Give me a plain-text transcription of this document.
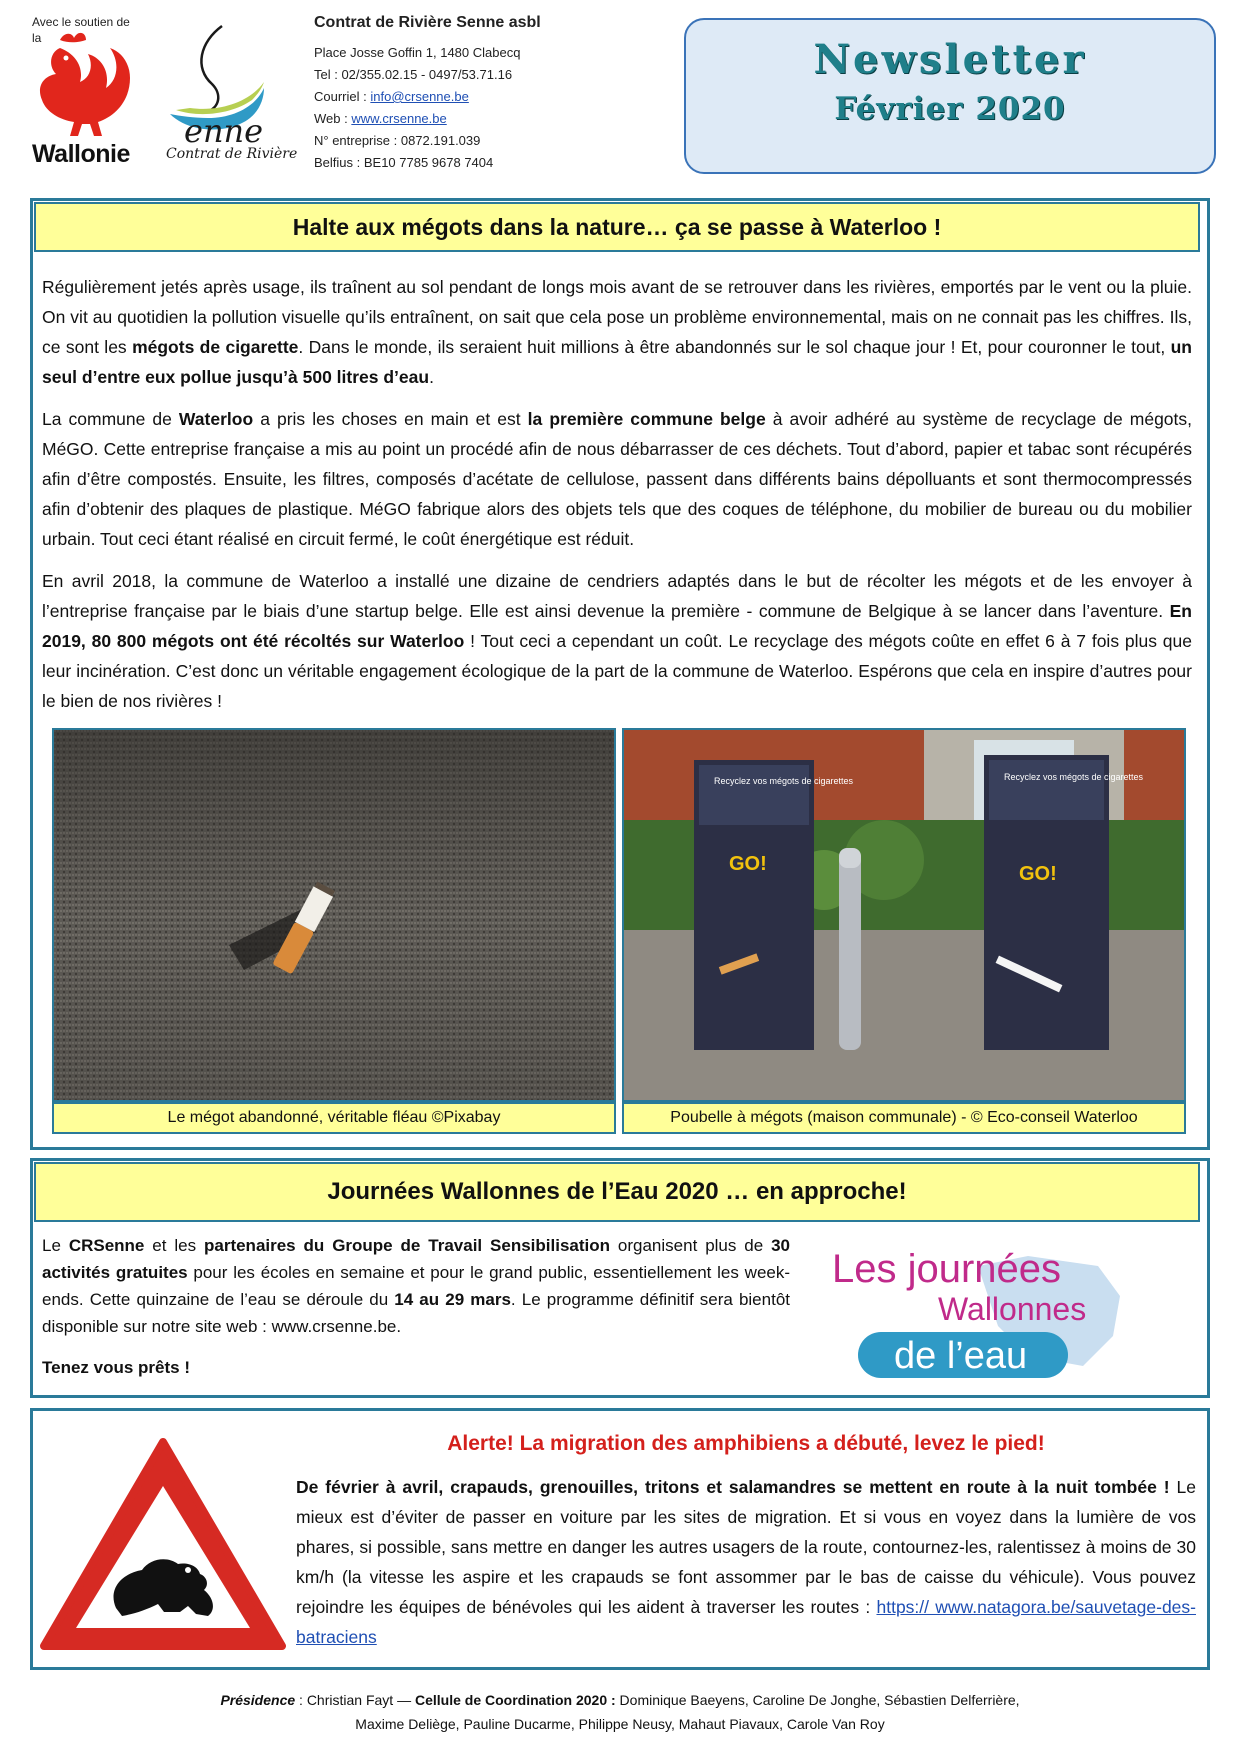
Avec le soutien de la
Wallonie
enne
Contrat de Rivière
Contrat de Rivière Senne asbl
Place Josse Goffin 1, 1480 Clabecq
Tel : 02/355.02.15 - 0497/53.71.16
Courriel : info@crsenne.be
Web : www.crsenne.be
N° entreprise : 0872.191.039
Belfius : BE10 7785 9678 7404
Newsletter
Février 2020
Halte aux mégots dans la nature… ça se passe à Waterloo !

Régulièrement jetés après usage, ils traînent au sol pendant de longs mois avant de se retrouver dans les rivières, emportés par le vent ou la pluie. On vit au quotidien la pollution visuelle qu’ils entraînent, on sait que cela pose un problème environnemental, mais on ne connait pas les chiffres. Ils, ce sont les mégots de cigarette. Dans le monde, ils seraient huit millions à être abandonnés sur le sol chaque jour ! Et, pour couronner le tout, un seul d’entre eux pollue jusqu’à 500 litres d’eau.

La commune de Waterloo a pris les choses en main et est la première commune belge à avoir adhéré au système de recyclage de mégots, MéGO. Cette entreprise française a mis au point un procédé afin de nous débarrasser de ces déchets. Tout d’abord, papier et tabac sont récupérés afin d’être compostés. Ensuite, les filtres, composés d’acétate de cellulose, passent dans différents bains dépolluants et sont thermocompressés afin d’obtenir des plaques de plastique. MéGO fabrique alors des objets tels que des coques de téléphone, du mobilier de bureau ou du mobilier urbain. Tout ceci étant réalisé en circuit fermé, le coût énergétique est réduit.

En avril 2018, la commune de Waterloo a installé une dizaine de cendriers adaptés dans le but de récolter les mégots et de les envoyer à l’entreprise française par le biais d’une startup belge. Elle est ainsi devenue la première - commune de Belgique à se lancer dans l’aventure. En 2019, 80 800 mégots ont été récoltés sur Waterloo ! Tout ceci a cependant un coût. Le recyclage des mégots coûte en effet 6 à 7 fois plus que leur incinération. C’est donc un véritable engagement écologique de la part de la commune de Waterloo. Espérons que cela en inspire d’autres pour le bien de nos rivières !

Le mégot abandonné, véritable fléau ©Pixabay
Recyclez vos mégots de cigarettes
GO!
Recyclez vos mégots de cigarettes
GO!
Poubelle à mégots (maison communale) - © Eco-conseil Waterloo
Journées Wallonnes de l’Eau 2020 … en approche!

Le CRSenne et les partenaires du Groupe de Travail Sensibilisation organisent plus de 30 activités gratuites pour les écoles en semaine et pour le grand public, essentiellement les week-ends. Cette quinzaine de l’eau se déroule du 14 au 29 mars. Le programme définitif sera bientôt disponible sur notre site web : www.crsenne.be.

Tenez vous prêts !

Les journées
Wallonnes
de l’eau
Alerte! La migration des amphibiens a débuté, levez le pied!

De février à avril, crapauds, grenouilles, tritons et salamandres se mettent en route à la nuit tombée ! Le mieux est d’éviter de passer en voiture par les sites de migration. Et si vous en voyez dans la lumière de vos phares, si possible, sans mettre en danger les autres usagers de la route, contournez-les, ralentissez à moins de 30 km/h (la vitesse les aspire et les crapauds se font assommer par le bas de caisse du véhicule). Vous pouvez rejoindre les équipes de bénévoles qui les aident à traverser les routes : https:// www.natagora.be/sauvetage-des-batraciens

Présidence : Christian Fayt — Cellule de Coordination 2020 : Dominique Baeyens, Caroline De Jonghe, Sébastien Delferrière,
Maxime Deliège, Pauline Ducarme, Philippe Neusy, Mahaut Piavaux, Carole Van Roy
